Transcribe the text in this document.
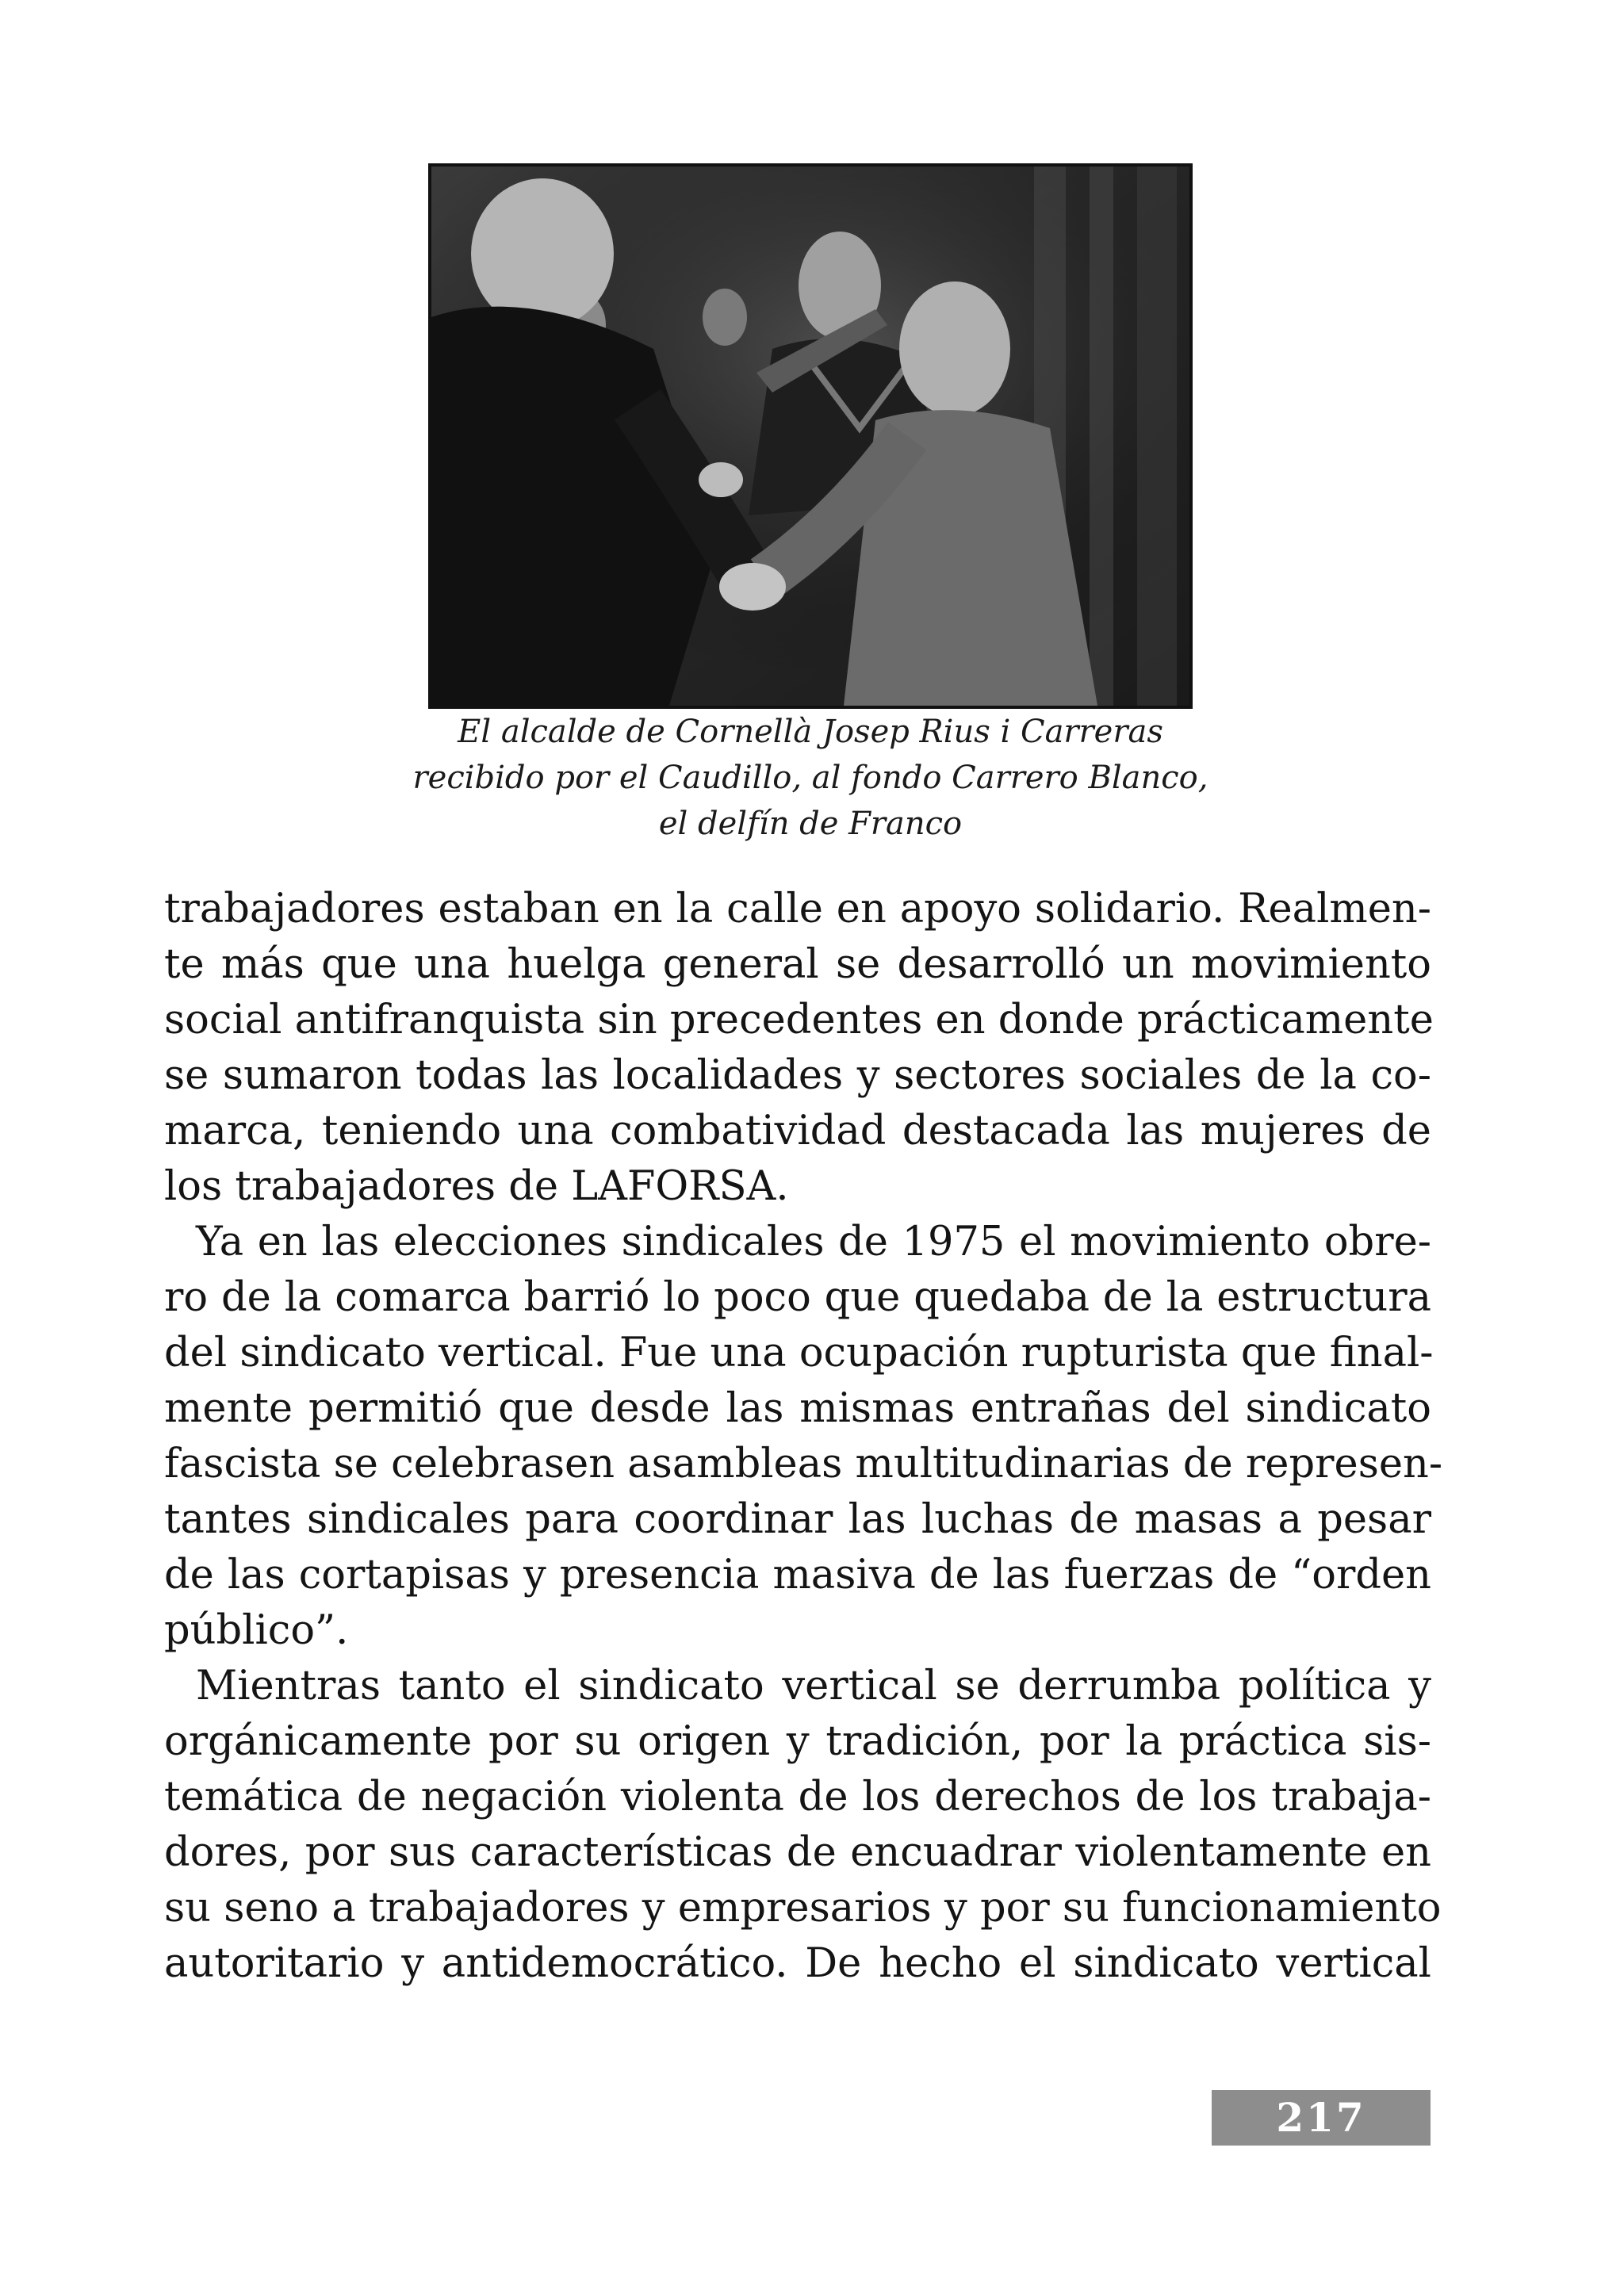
El alcalde de Cornellà Josep Rius i Carreras
recibido por el Caudillo, al fondo Carrero Blanco,
el delfín de Franco
trabajadores estaban en la calle en apoyo solidario. Realmen-
te más que una huelga general se desarrolló un movimiento
social antifranquista sin precedentes en donde prácticamente
se sumaron todas las localidades y sectores sociales de la co-
marca, teniendo una combatividad destacada las mujeres de
los trabajadores de LAFORSA.
Ya en las elecciones sindicales de 1975 el movimiento obre-
ro de la comarca barrió lo poco que quedaba de la estructura
del sindicato vertical. Fue una ocupación rupturista que final-
mente permitió que desde las mismas entrañas del sindicato
fascista se celebrasen asambleas multitudinarias de represen-
tantes sindicales para coordinar las luchas de masas a pesar
de las cortapisas y presencia masiva de las fuerzas de “orden
público”.
Mientras tanto el sindicato vertical se derrumba política y
orgánicamente por su origen y tradición, por la práctica sis-
temática de negación violenta de los derechos de los trabaja-
dores, por sus características de encuadrar violentamente en
su seno a trabajadores y empresarios y por su funcionamiento
autoritario y antidemocrático. De hecho el sindicato vertical
217
